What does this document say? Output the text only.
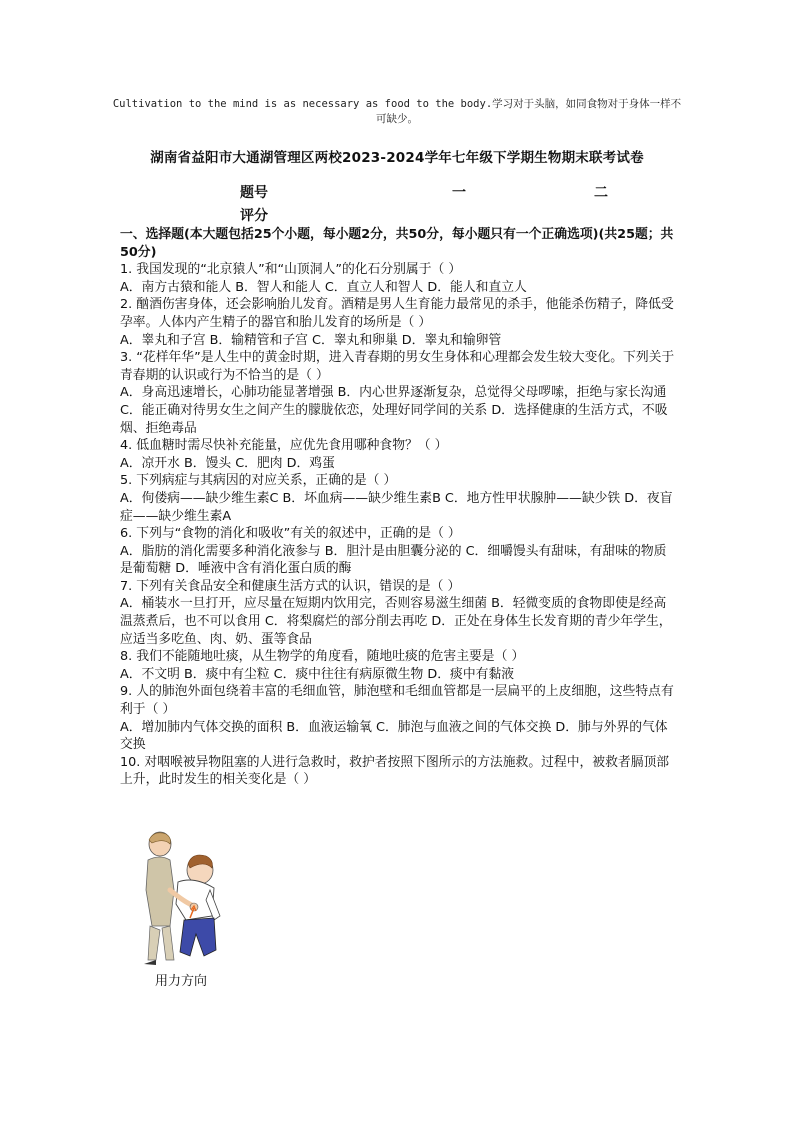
Cultivation to the mind is as necessary as food to the body.学习对于头脑，如同食物对于身体一样不可缺少。
湖南省益阳市大通湖管理区两校2023-2024学年七年级下学期生物期末联考试卷
题号	一	二
评分

一、选择题(本大题包括25个小题，每小题2分，共50分，每小题只有一个正确选项)(共25题；共50分)

1. 我国发现的“北京猿人”和“山顶洞人”的化石分别属于（ ）

A．南方古猿和能人 B．智人和能人 C．直立人和智人 D．能人和直立人

2. 酗酒伤害身体，还会影响胎儿发育。酒精是男人生育能力最常见的杀手，他能杀伤精子，降低受孕率。人体内产生精子的器官和胎儿发育的场所是（ ）

A．睾丸和子宫 B．输精管和子宫 C．睾丸和卵巢 D．睾丸和输卵管

3. “花样年华”是人生中的黄金时期，进入青春期的男女生身体和心理都会发生较大变化。下列关于青春期的认识或行为不恰当的是（ ）

A．身高迅速增长，心肺功能显著增强 B．内心世界逐渐复杂，总觉得父母啰嗦，拒绝与家长沟通 C．能正确对待男女生之间产生的朦胧依恋，处理好同学间的关系 D．选择健康的生活方式，不吸烟、拒绝毒品

4. 低血糖时需尽快补充能量，应优先食用哪种食物？（ ）

A．凉开水 B．馒头 C．肥肉 D．鸡蛋

5. 下列病症与其病因的对应关系，正确的是（ ）

A．佝偻病——缺少维生素C B．坏血病——缺少维生素B C．地方性甲状腺肿——缺少铁 D．夜盲症——缺少维生素A

6. 下列与“食物的消化和吸收”有关的叙述中，正确的是（ ）

A．脂肪的消化需要多种消化液参与 B．胆汁是由胆囊分泌的 C．细嚼馒头有甜味，有甜味的物质是葡萄糖 D．唾液中含有消化蛋白质的酶

7. 下列有关食品安全和健康生活方式的认识，错误的是（ ）

A．桶装水一旦打开，应尽量在短期内饮用完，否则容易滋生细菌 B．轻微变质的食物即使是经高温蒸煮后，也不可以食用 C．将梨腐烂的部分削去再吃 D．正处在身体生长发育期的青少年学生，应适当多吃鱼、肉、奶、蛋等食品

8. 我们不能随地吐痰，从生物学的角度看，随地吐痰的危害主要是（ ）

A．不文明 B．痰中有尘粒 C．痰中往往有病原微生物 D．痰中有黏液

9. 人的肺泡外面包绕着丰富的毛细血管，肺泡壁和毛细血管都是一层扁平的上皮细胞，这些特点有利于（ ）

A．增加肺内气体交换的面积 B．血液运输氧 C．肺泡与血液之间的气体交换 D．肺与外界的气体交换

10. 对咽喉被异物阻塞的人进行急救时，救护者按照下图所示的方法施救。过程中，被救者膈顶部上升，此时发生的相关变化是（ ）

用力方向
